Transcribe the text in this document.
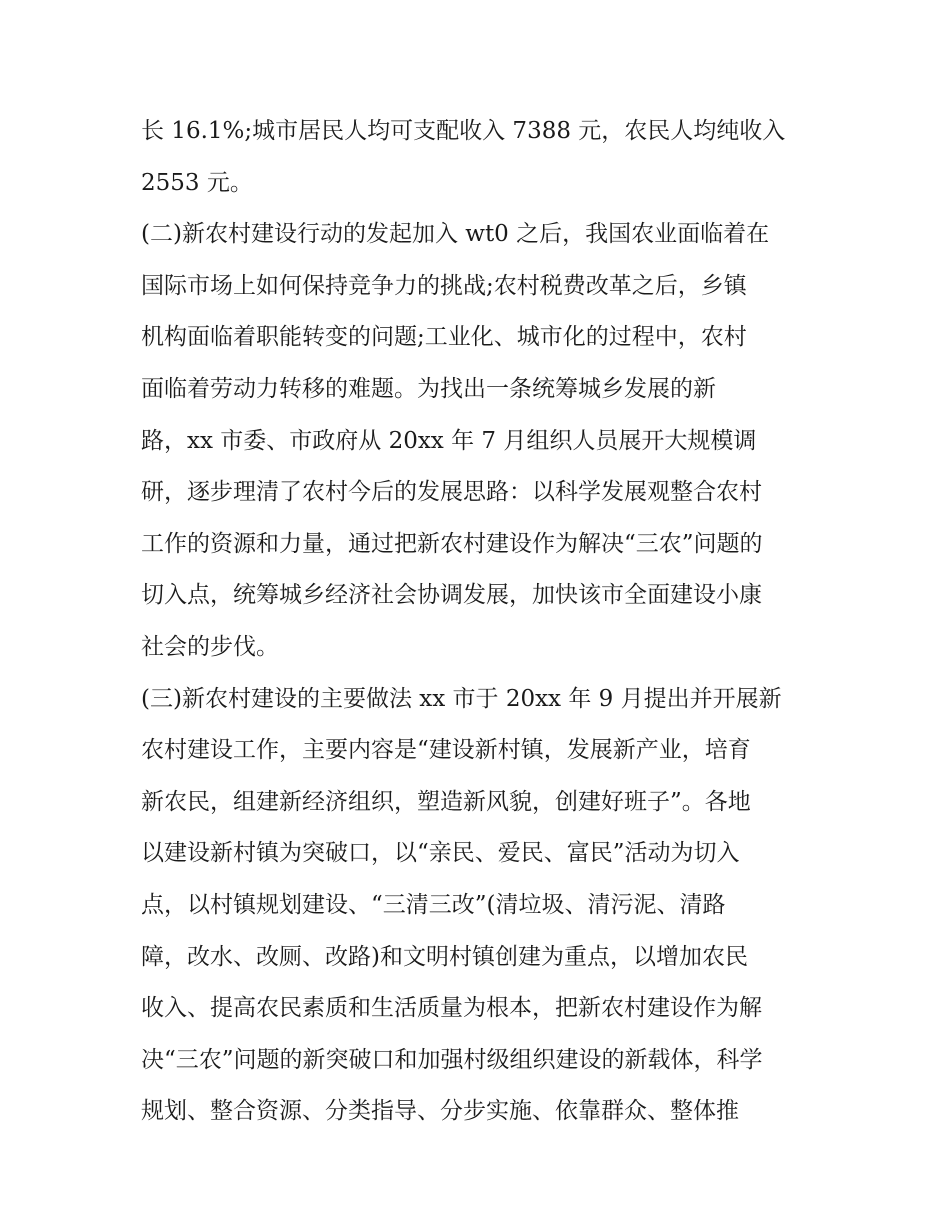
长 16.1%;城市居民人均可支配收入 7388 元，农民人均纯收入
2553 元。
(二)新农村建设行动的发起加入 wt0 之后，我国农业面临着在
国际市场上如何保持竞争力的挑战;农村税费改革之后，乡镇
机构面临着职能转变的问题;工业化、城市化的过程中，农村
面临着劳动力转移的难题。为找出一条统筹城乡发展的新
路，xx 市委、市政府从 20xx 年 7 月组织人员展开大规模调
研，逐步理清了农村今后的发展思路：以科学发展观整合农村
工作的资源和力量，通过把新农村建设作为解决“三农”问题的
切入点，统筹城乡经济社会协调发展，加快该市全面建设小康
社会的步伐。
(三)新农村建设的主要做法 xx 市于 20xx 年 9 月提出并开展新
农村建设工作，主要内容是“建设新村镇，发展新产业，培育
新农民，组建新经济组织，塑造新风貌，创建好班子”。各地
以建设新村镇为突破口，以“亲民、爱民、富民”活动为切入
点，以村镇规划建设、“三清三改”(清垃圾、清污泥、清路
障，改水、改厕、改路)和文明村镇创建为重点，以增加农民
收入、提高农民素质和生活质量为根本，把新农村建设作为解
决“三农”问题的新突破口和加强村级组织建设的新载体，科学
规划、整合资源、分类指导、分步实施、依靠群众、整体推
